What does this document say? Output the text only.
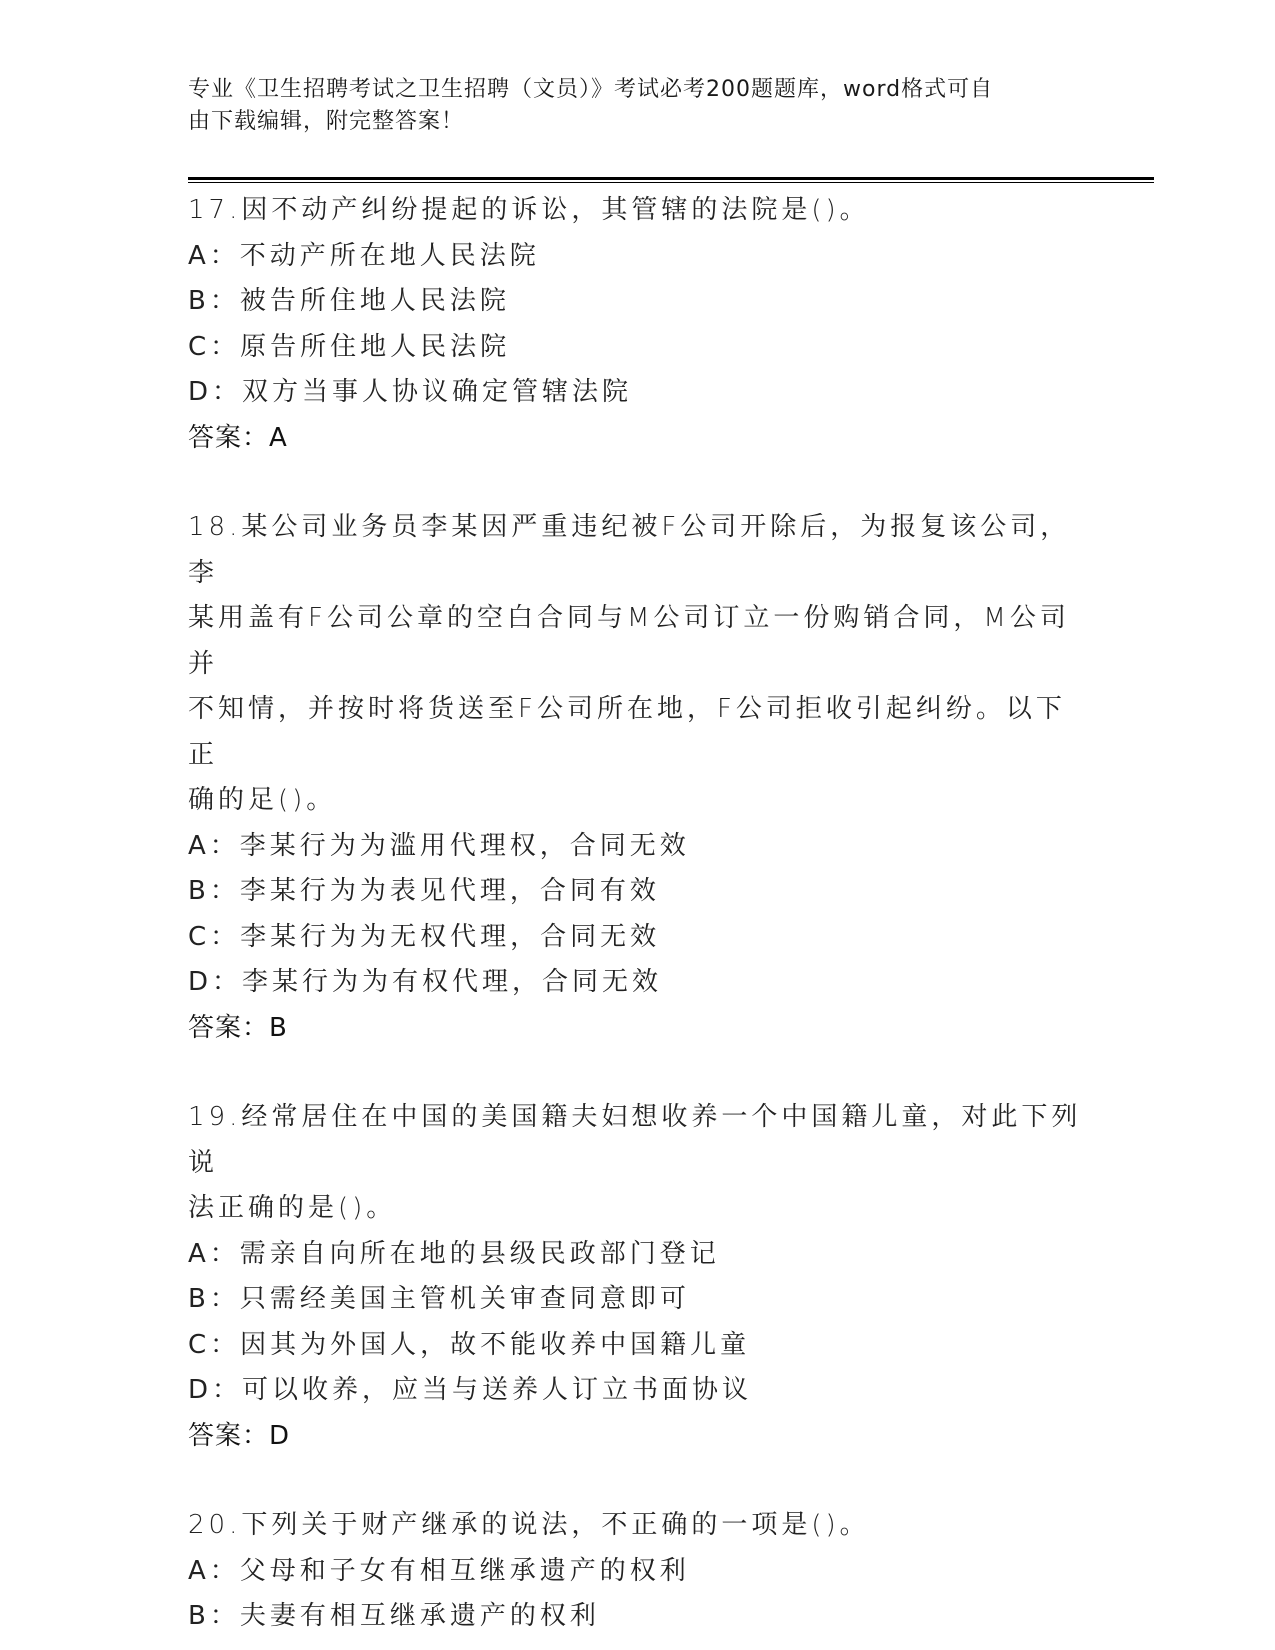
专业《卫生招聘考试之卫生招聘（文员）》考试必考200题题库，word格式可自
由下载编辑，附完整答案！
17.因不动产纠纷提起的诉讼，其管辖的法院是()。
A：不动产所在地人民法院
B：被告所住地人民法院
C：原告所住地人民法院
D：双方当事人协议确定管辖法院
答案：A
18.某公司业务员李某因严重违纪被F公司开除后，为报复该公司，李
某用盖有F公司公章的空白合同与M公司订立一份购销合同，M公司并
不知情，并按时将货送至F公司所在地，F公司拒收引起纠纷。以下正
确的足()。
A：李某行为为滥用代理权，合同无效
B：李某行为为表见代理，合同有效
C：李某行为为无权代理，合同无效
D：李某行为为有权代理，合同无效
答案：B
19.经常居住在中国的美国籍夫妇想收养一个中国籍儿童，对此下列说
法正确的是()。
A：需亲自向所在地的县级民政部门登记
B：只需经美国主管机关审查同意即可
C：因其为外国人，故不能收养中国籍儿童
D：可以收养，应当与送养人订立书面协议
答案：D
20.下列关于财产继承的说法，不正确的一项是()。
A：父母和子女有相互继承遗产的权利
B：夫妻有相互继承遗产的权利
